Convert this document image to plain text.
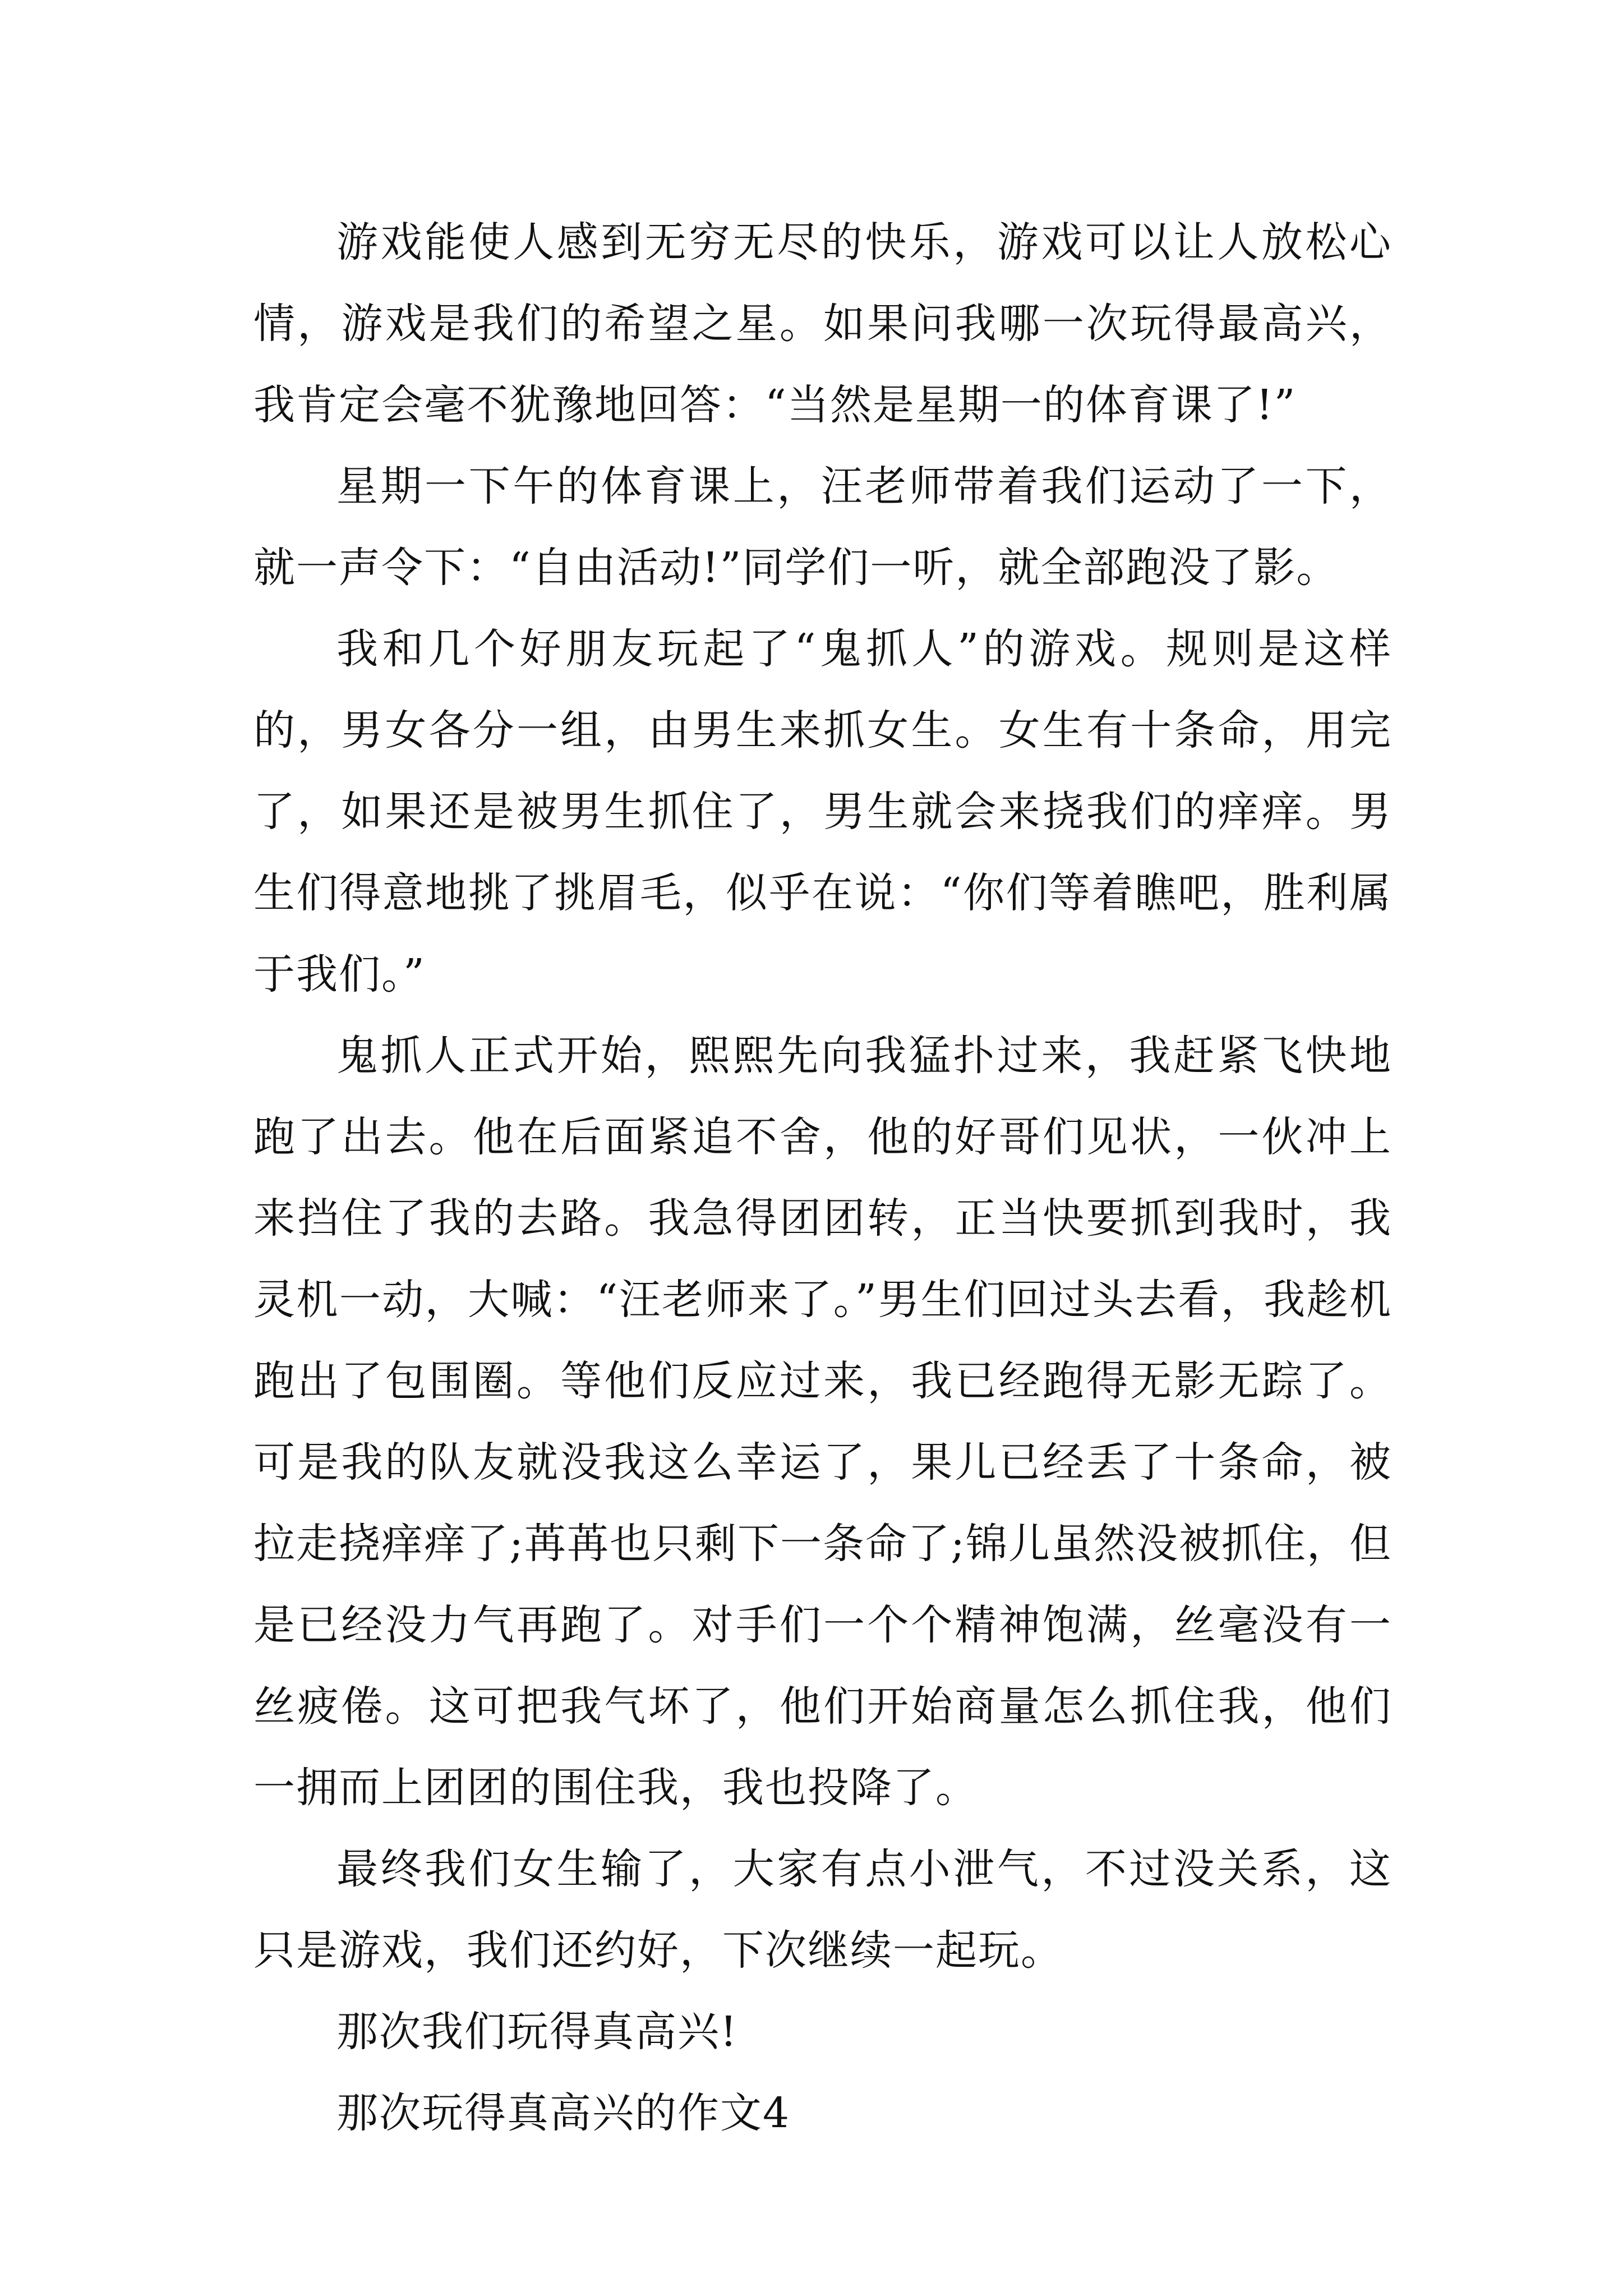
游戏能使人感到无穷无尽的快乐，游戏可以让人放松心情，游戏是我们的希望之星。如果问我哪一次玩得最高兴，我肯定会毫不犹豫地回答：“当然是星期一的体育课了!”

星期一下午的体育课上，汪老师带着我们运动了一下，就一声令下：“自由活动!”同学们一听，就全部跑没了影。

我和几个好朋友玩起了“鬼抓人”的游戏。规则是这样的，男女各分一组，由男生来抓女生。女生有十条命，用完了，如果还是被男生抓住了，男生就会来挠我们的痒痒。男生们得意地挑了挑眉毛，似乎在说：“你们等着瞧吧，胜利属于我们。”

鬼抓人正式开始，熙熙先向我猛扑过来，我赶紧飞快地跑了出去。他在后面紧追不舍，他的好哥们见状，一伙冲上来挡住了我的去路。我急得团团转，正当快要抓到我时，我灵机一动，大喊：“汪老师来了。”男生们回过头去看，我趁机跑出了包围圈。等他们反应过来，我已经跑得无影无踪了。可是我的队友就没我这么幸运了，果儿已经丢了十条命，被拉走挠痒痒了;苒苒也只剩下一条命了;锦儿虽然没被抓住，但是已经没力气再跑了。对手们一个个精神饱满，丝毫没有一丝疲倦。这可把我气坏了，他们开始商量怎么抓住我，他们一拥而上团团的围住我，我也投降了。

最终我们女生输了，大家有点小泄气，不过没关系，这只是游戏，我们还约好，下次继续一起玩。

那次我们玩得真高兴!

那次玩得真高兴的作文4
